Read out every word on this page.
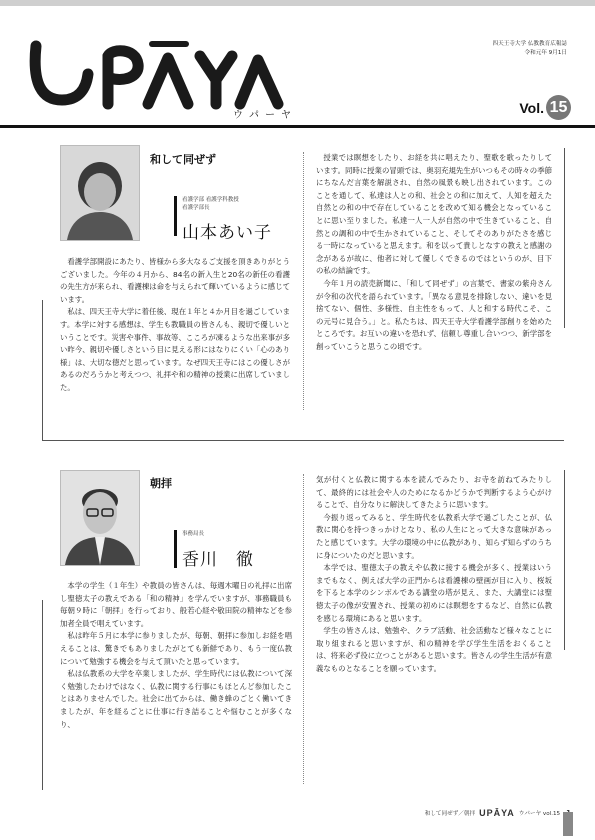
ウパーヤ
四天王寺大学 仏教教育広報誌
令和元年 9月1日
Vol. 15
和して同ぜず
看護学部 看護学科教授
看護学部長
山本あい子

看護学部開設にあたり、皆様から多大なるご支援を頂きありがとうございました。今年の４月から、84名の新入生と20名の新任の看護の先生方が来られ、看護棟は命を与えられて輝いているように感じています。

私は、四天王寺大学に着任後、現在１年と４か月目を過ごしています。本学に対する感想は、学生も教職員の皆さんも、親切で優しいということです。災害や事件、事故等、こころが凍るような出来事が多い昨今、親切や優しさという目に見える形にはなりにくい「心のあり様」は、大切な徳だと思っています。なぜ四天王寺にはこの優しさがあるのだろうかと考えつつ、礼拝や和の精神の授業に出席していました。

授業では瞑想をしたり、お経を共に唱えたり、聖歌を歌ったりしています。同時に授業の冒頭では、奥羽充規先生がいつもその時々の季節にちなんだ言葉を解説され、自然の風景も映し出されています。このことを通して、私達は人との和、社会との和に加えて、人知を超えた自然との和の中で存在していることを改めて知る機会となっていることに思い至りました。私達一人一人が自然の中で生きていること、自然との調和の中で生かされていること、そしてそのありがたさを感じる一時になっていると思えます。和を以って貴しとなすの教えと感謝の念があるが故に、他者に対して優しくできるのではというのが、目下の私の結論です。

今年１月の読売新聞に、「和して同ぜず」の言葉で、書家の紫舟さんが令和の次代を語られています。「異なる意見を排除しない、違いを見捨てない、個性、多様性、自主性をもって、人と和する時代こそ、この元号に見合う。」と。私たちは、四天王寺大学看護学部創りを始めたところです。お互いの違いを恐れず、信頼し尊重し合いつつ、新学部を創っていこうと思うこの頃です。

朝拝
事務局長
香川　徹

本学の学生（１年生）や教員の皆さんは、毎週木曜日の礼拝に出席し聖徳太子の教えである「和の精神」を学んでいますが、事務職員も毎朝９時に「朝拝」を行っており、般若心経や敬田院の精神などを参加者全員で唱えています。

私は昨年５月に本学に参りましたが、毎朝、朝拝に参加しお経を唱えることは、驚きでもありましたがとても新鮮であり、もう一度仏教について勉強する機会を与えて頂いたと思っています。

私は仏教系の大学を卒業しましたが、学生時代には仏教について深く勉強したわけではなく、仏教に関する行事にもほとんど参加したことはありませんでした。社会に出てからは、働き蜂のごとく働いてきましたが、年を経るごとに仕事に行き詰ることや悩むことが多くなり、

気が付くと仏教に関する本を読んでみたり、お寺を訪ねてみたりして、最終的には社会や人のためになるかどうかで判断するよう心がけることで、自分なりに解決してきたように思います。

今振り返ってみると、学生時代を仏教系大学で過ごしたことが、仏教に関心を持つきっかけとなり、私の人生にとって大きな意味があったと感じています。大学の環境の中に仏教があり、知らず知らずのうちに身についたのだと思います。

本学では、聖徳太子の教えや仏教に接する機会が多く、授業はいうまでもなく、例えば大学の正門からは看護棟の壁画が目に入り、桜坂を下ると本学のシンボルである講堂の塔が見え、また、大講堂には聖徳太子の像が安置され、授業の初めには瞑想をするなど、自然に仏教を感じる環境にあると思います。

学生の皆さんは、勉強や、クラブ活動、社会活動など様々なことに取り組まれると思いますが、和の精神を学び学生生活をおくることは、将来必ず役に立つことがあると思います。皆さんの学生生活が有意義なものとなることを願っています。

和して同ぜず／朝拝 UPĀYA ウパーヤ vol.15
